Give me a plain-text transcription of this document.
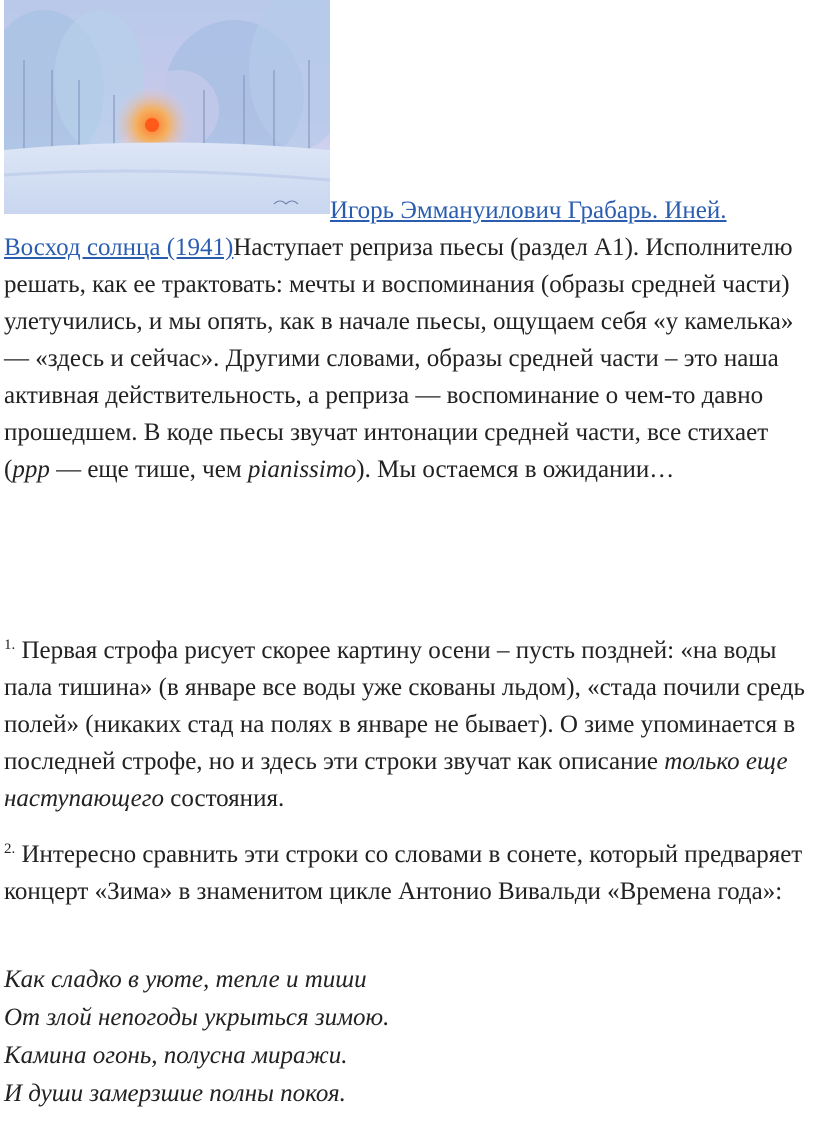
Игорь Эммануилович Грабарь. Иней. Восход солнца (1941)Наступает реприза пьесы (раздел А1). Исполнителю решать, как ее трактовать: мечты и воспоминания (образы средней части) улетучились, и мы опять, как в начале пьесы, ощущаем себя «у камелька» — «здесь и сейчас». Другими словами, образы средней части – это наша активная действительность, а реприза — воспоминание о чем-то давно прошедшем. В коде пьесы звучат интонации средней части, все стихает (ppp — еще тише, чем pianissimo). Мы остаемся в ожидании…
$^{1.}$ Первая строфа рисует скорее картину осени – пусть поздней: «на воды пала тишина» (в январе все воды уже скованы льдом), «стада почили средь полей» (никаких стад на полях в январе не бывает). О зиме упоминается в последней строфе, но и здесь эти строки звучат как описание только еще наступающего состояния.
$^{2.}$ Интересно сравнить эти строки со словами в сонете, который предваряет концерт «Зима» в знаменитом цикле Антонио Вивальди «Времена года»:
Как сладко в уюте, тепле и тиши
От злой непогоды укрыться зимою.
Камина огонь, полусна миражи.
И души замерзшие полны покоя.
